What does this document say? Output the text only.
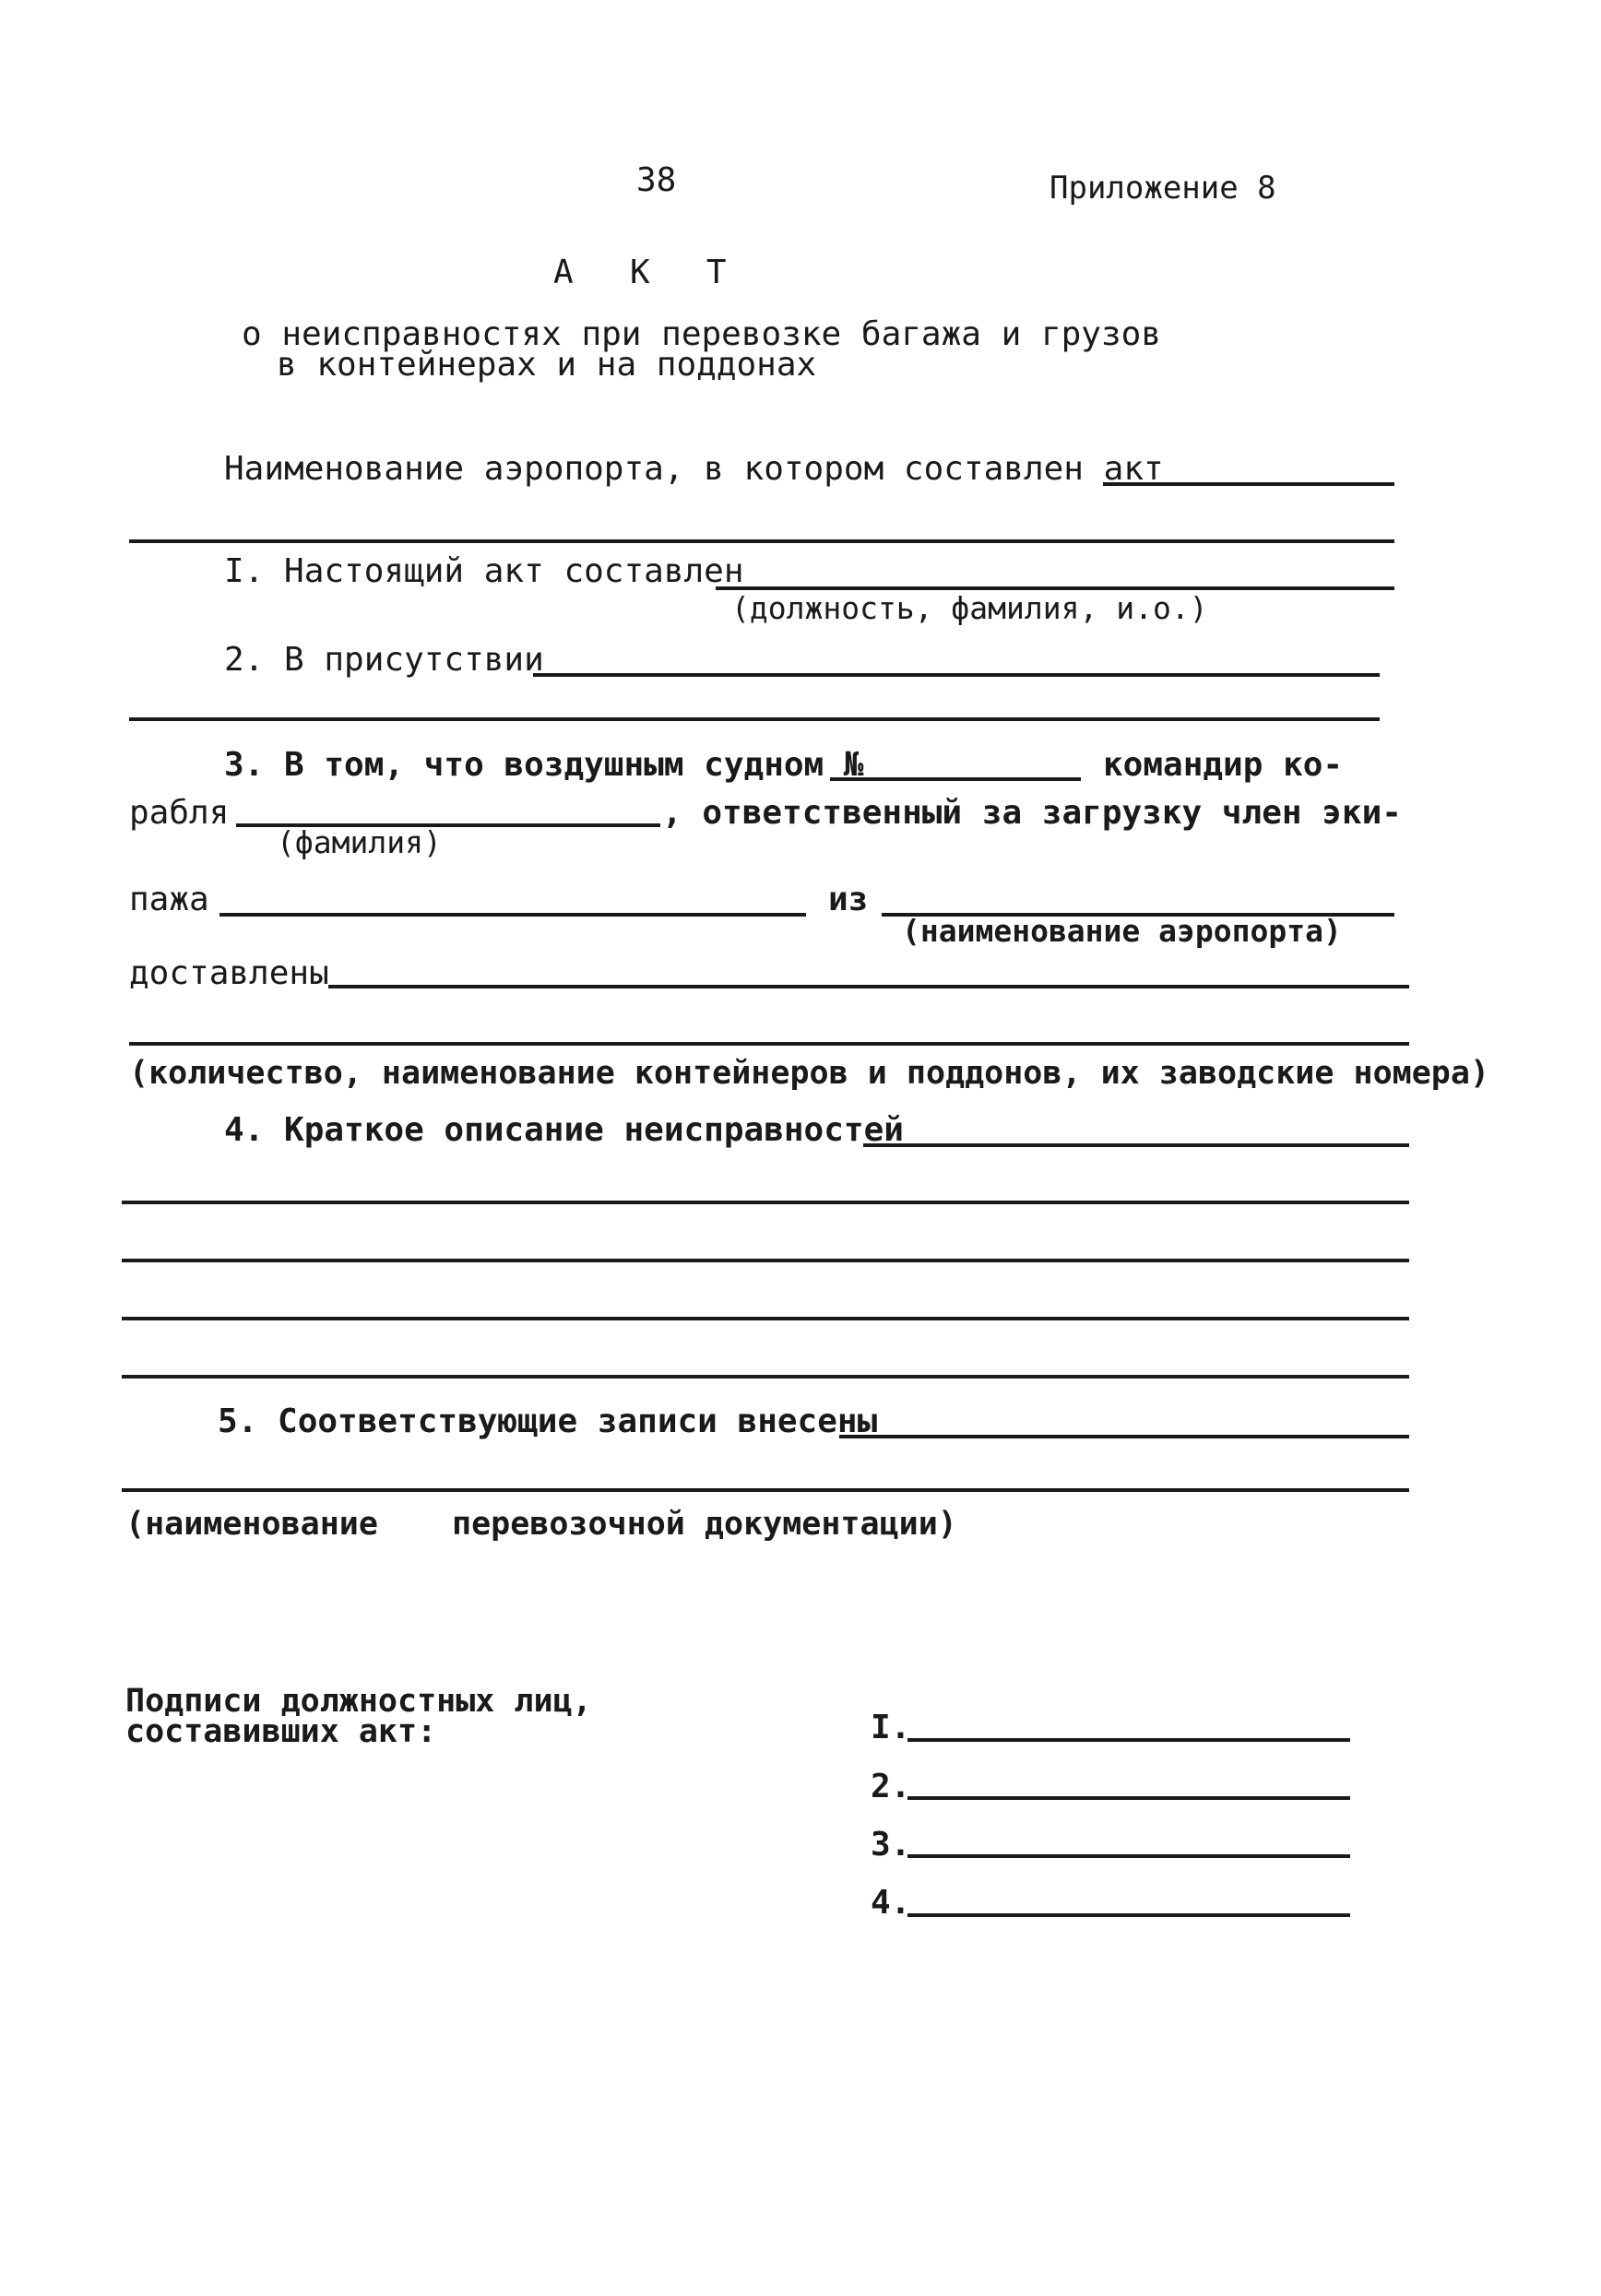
38	Приложение 8
А К Т
о неисправностях при перевозке багажа и грузов
в контейнерах и на поддонах
Наименование аэропорта, в котором составлен акт
I. Настоящий акт составлен
(должность, фамилия, и.о.)
2. В присутствии
3. В том, что воздушным судном №	командир ко-
рабля
(фамилия)
, ответственный за загрузку член эки-
пажа	из
(наименование аэропорта)
доставлены
(количество, наименование контейнеров и поддонов, их заводские номера)
4. Краткое описание неисправностей
5. Соответствующие записи внесены
(наименование перевозочной документации)
Подписи должностных лиц,
составивших акт:	I.
2.
3.
4.
